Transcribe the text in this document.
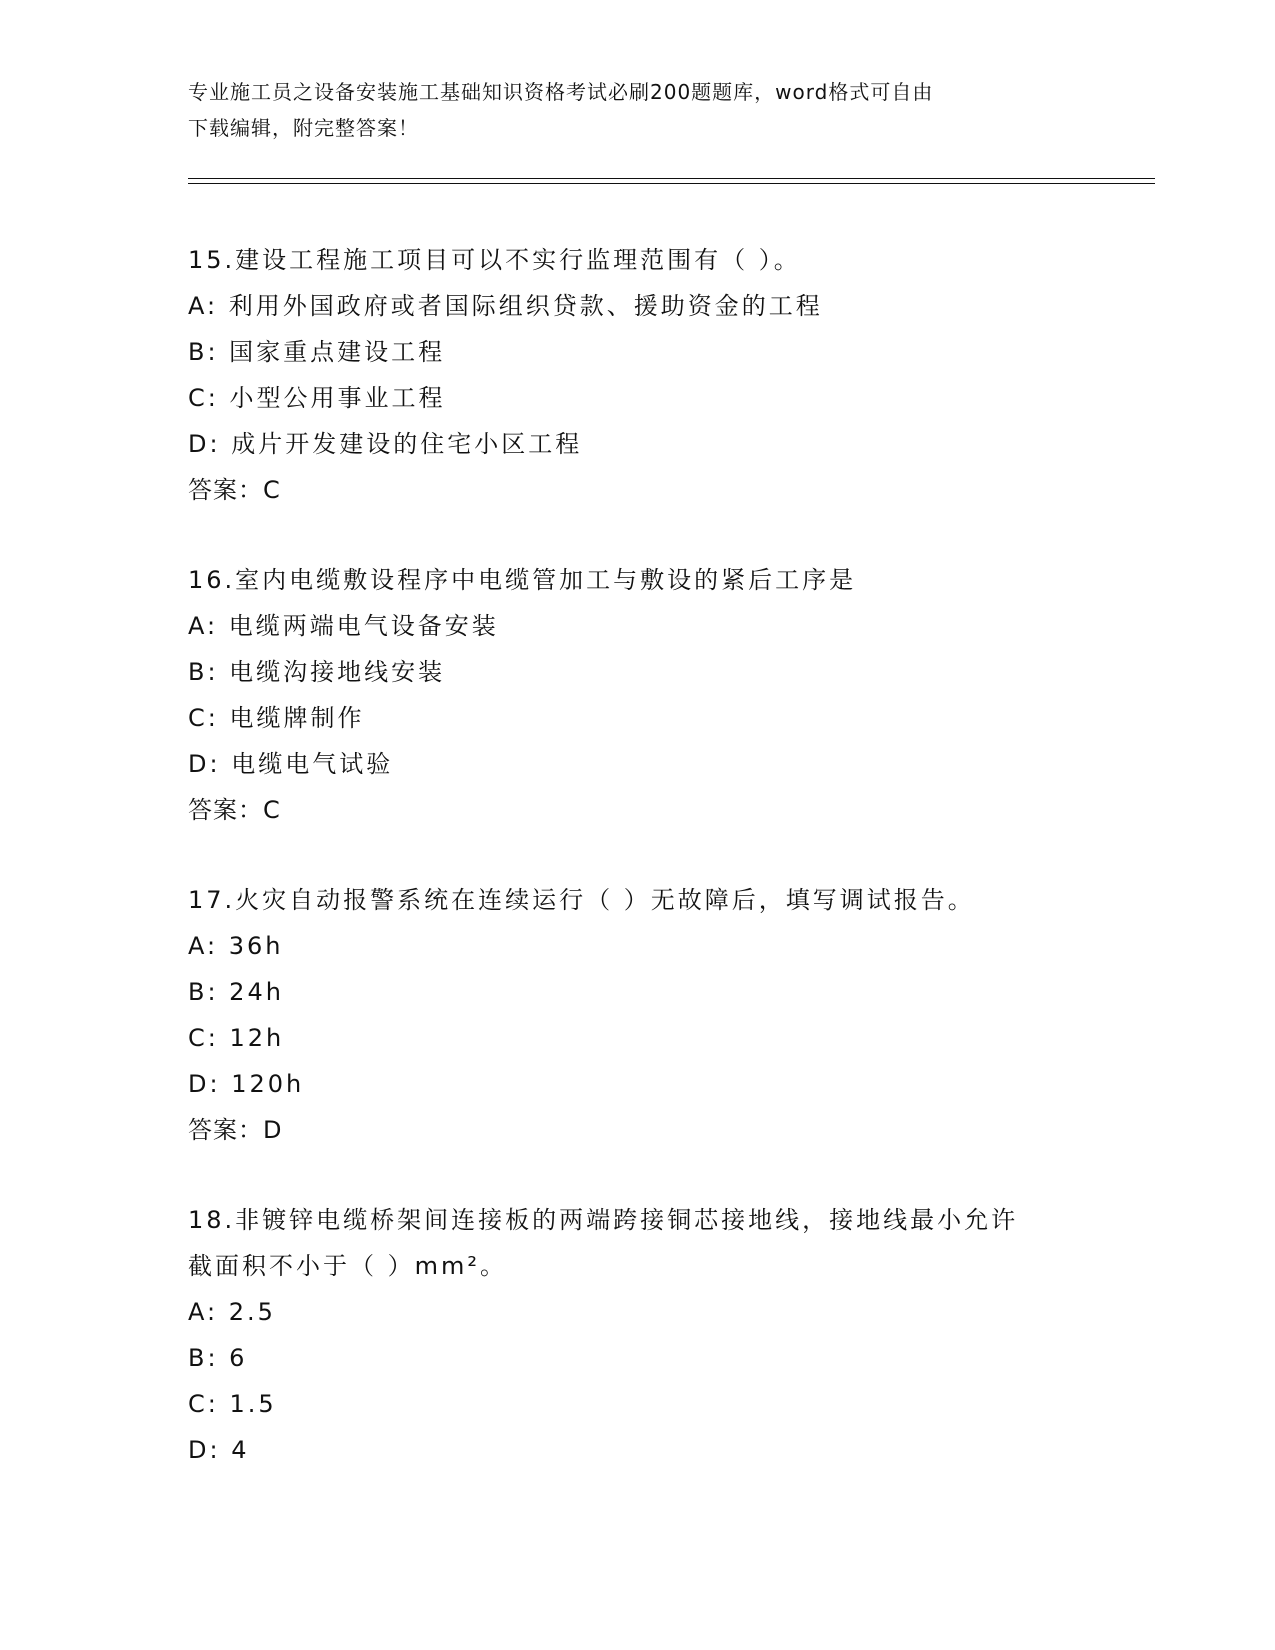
专业施工员之设备安装施工基础知识资格考试必刷200题题库，word格式可自由
下载编辑，附完整答案！
15.建设工程施工项目可以不实行监理范围有（ ）。
A: 利用外国政府或者国际组织贷款、援助资金的工程
B: 国家重点建设工程
C: 小型公用事业工程
D: 成片开发建设的住宅小区工程
答案：C
16.室内电缆敷设程序中电缆管加工与敷设的紧后工序是
A: 电缆两端电气设备安装
B: 电缆沟接地线安装
C: 电缆牌制作
D: 电缆电气试验
答案：C
17.火灾自动报警系统在连续运行（ ）无故障后，填写调试报告。
A: 36h
B: 24h
C: 12h
D: 120h
答案：D
18.非镀锌电缆桥架间连接板的两端跨接铜芯接地线，接地线最小允许
截面积不小于（ ）mm²。
A: 2.5
B: 6
C: 1.5
D: 4
